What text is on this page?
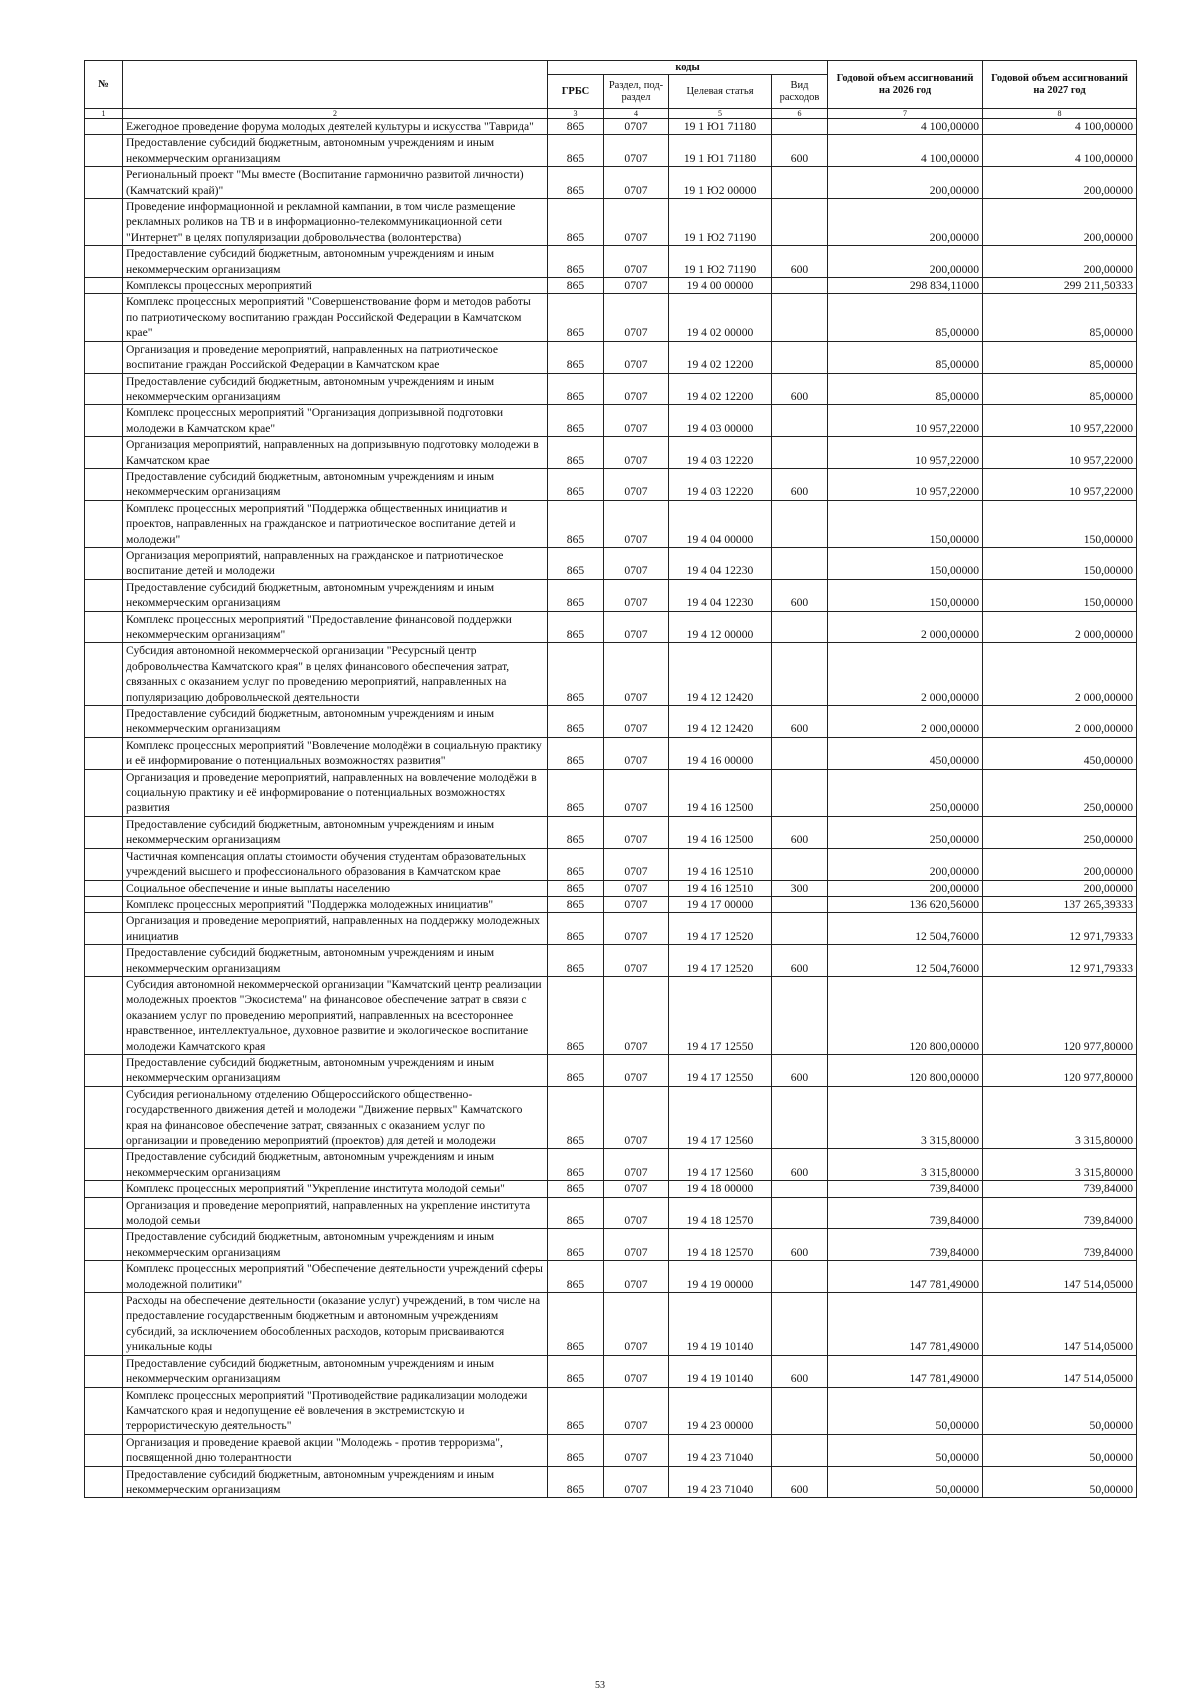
№		коды				Годовой объем ассигнований на 2026 год	Годовой объем ассигнований на 2027 год
		ГРБС	Раздел, под-раздел	Целевая статья	Вид расходов		
1	2	3	4	5	6	7	8
	Ежегодное проведение форума молодых деятелей культуры и искусства "Таврида"	865	0707	19 1 Ю1 71180		4 100,00000	4 100,00000
	Предоставление субсидий бюджетным, автономным учреждениям и иным некоммерческим организациям	865	0707	19 1 Ю1 71180	600	4 100,00000	4 100,00000
	Региональный проект "Мы вместе (Воспитание гармонично развитой личности) (Камчатский край)"	865	0707	19 1 Ю2 00000		200,00000	200,00000
	Проведение информационной и рекламной кампании, в том числе размещение рекламных роликов на ТВ и в информационно-телекоммуникационной сети "Интернет" в целях популяризации добровольчества (волонтерства)	865	0707	19 1 Ю2 71190		200,00000	200,00000
	Предоставление субсидий бюджетным, автономным учреждениям и иным некоммерческим организациям	865	0707	19 1 Ю2 71190	600	200,00000	200,00000
	Комплексы процессных мероприятий	865	0707	19 4 00 00000		298 834,11000	299 211,50333
	Комплекс процессных мероприятий "Совершенствование форм и методов работы по патриотическому воспитанию граждан Российской Федерации в Камчатском крае"	865	0707	19 4 02 00000		85,00000	85,00000
	Организация и проведение мероприятий, направленных на патриотическое воспитание граждан Российской Федерации в Камчатском крае	865	0707	19 4 02 12200		85,00000	85,00000
	Предоставление субсидий бюджетным, автономным учреждениям и иным некоммерческим организациям	865	0707	19 4 02 12200	600	85,00000	85,00000
	Комплекс процессных мероприятий "Организация допризывной подготовки молодежи в Камчатском крае"	865	0707	19 4 03 00000		10 957,22000	10 957,22000
	Организация мероприятий, направленных на допризывную подготовку молодежи в Камчатском крае	865	0707	19 4 03 12220		10 957,22000	10 957,22000
	Предоставление субсидий бюджетным, автономным учреждениям и иным некоммерческим организациям	865	0707	19 4 03 12220	600	10 957,22000	10 957,22000
	Комплекс процессных мероприятий "Поддержка общественных инициатив и проектов, направленных на гражданское и патриотическое воспитание детей и молодежи"	865	0707	19 4 04 00000		150,00000	150,00000
	Организация мероприятий, направленных на гражданское и патриотическое воспитание детей и молодежи	865	0707	19 4 04 12230		150,00000	150,00000
	Предоставление субсидий бюджетным, автономным учреждениям и иным некоммерческим организациям	865	0707	19 4 04 12230	600	150,00000	150,00000
	Комплекс процессных мероприятий "Предоставление финансовой поддержки некоммерческим организациям"	865	0707	19 4 12 00000		2 000,00000	2 000,00000
	Субсидия автономной некоммерческой организации "Ресурсный центр добровольчества Камчатского края" в целях финансового обеспечения затрат, связанных с оказанием услуг по проведению мероприятий, направленных на популяризацию добровольческой деятельности	865	0707	19 4 12 12420		2 000,00000	2 000,00000
	Предоставление субсидий бюджетным, автономным учреждениям и иным некоммерческим организациям	865	0707	19 4 12 12420	600	2 000,00000	2 000,00000
	Комплекс процессных мероприятий "Вовлечение молодёжи в социальную практику и её информирование о потенциальных возможностях развития"	865	0707	19 4 16 00000		450,00000	450,00000
	Организация и проведение мероприятий, направленных на вовлечение молодёжи в социальную практику и её информирование о потенциальных возможностях развития	865	0707	19 4 16 12500		250,00000	250,00000
	Предоставление субсидий бюджетным, автономным учреждениям и иным некоммерческим организациям	865	0707	19 4 16 12500	600	250,00000	250,00000
	Частичная компенсация оплаты стоимости обучения студентам образовательных учреждений высшего и профессионального образования в Камчатском крае	865	0707	19 4 16 12510		200,00000	200,00000
	Социальное обеспечение и иные выплаты населению	865	0707	19 4 16 12510	300	200,00000	200,00000
	Комплекс процессных мероприятий "Поддержка молодежных инициатив"	865	0707	19 4 17 00000		136 620,56000	137 265,39333
	Организация и проведение мероприятий, направленных на поддержку молодежных инициатив	865	0707	19 4 17 12520		12 504,76000	12 971,79333
	Предоставление субсидий бюджетным, автономным учреждениям и иным некоммерческим организациям	865	0707	19 4 17 12520	600	12 504,76000	12 971,79333
	Субсидия автономной некоммерческой организации "Камчатский центр реализации молодежных проектов "Экосистема" на финансовое обеспечение затрат в связи с оказанием услуг по проведению мероприятий, направленных на всестороннее нравственное, интеллектуальное, духовное развитие и экологическое воспитание молодежи Камчатского края	865	0707	19 4 17 12550		120 800,00000	120 977,80000
	Предоставление субсидий бюджетным, автономным учреждениям и иным некоммерческим организациям	865	0707	19 4 17 12550	600	120 800,00000	120 977,80000
	Субсидия региональному отделению Общероссийского общественно-государственного движения детей и молодежи "Движение первых" Камчатского края на финансовое обеспечение затрат, связанных с оказанием услуг по организации и проведению мероприятий (проектов) для детей и молодежи	865	0707	19 4 17 12560		3 315,80000	3 315,80000
	Предоставление субсидий бюджетным, автономным учреждениям и иным некоммерческим организациям	865	0707	19 4 17 12560	600	3 315,80000	3 315,80000
	Комплекс процессных мероприятий "Укрепление института молодой семьи"	865	0707	19 4 18 00000		739,84000	739,84000
	Организация и проведение мероприятий, направленных на укрепление института молодой семьи	865	0707	19 4 18 12570		739,84000	739,84000
	Предоставление субсидий бюджетным, автономным учреждениям и иным некоммерческим организациям	865	0707	19 4 18 12570	600	739,84000	739,84000
	Комплекс процессных мероприятий "Обеспечение деятельности учреждений сферы молодежной политики"	865	0707	19 4 19 00000		147 781,49000	147 514,05000
	Расходы на обеспечение деятельности (оказание услуг) учреждений, в том числе на предоставление государственным бюджетным и автономным учреждениям субсидий, за исключением обособленных расходов, которым присваиваются уникальные коды	865	0707	19 4 19 10140		147 781,49000	147 514,05000
	Предоставление субсидий бюджетным, автономным учреждениям и иным некоммерческим организациям	865	0707	19 4 19 10140	600	147 781,49000	147 514,05000
	Комплекс процессных мероприятий "Противодействие радикализации молодежи Камчатского края и недопущение её вовлечения в экстремистскую и террористическую деятельность"	865	0707	19 4 23 00000		50,00000	50,00000
	Организация и проведение краевой акции "Молодежь - против терроризма", посвященной дню толерантности	865	0707	19 4 23 71040		50,00000	50,00000
	Предоставление субсидий бюджетным, автономным учреждениям и иным некоммерческим организациям	865	0707	19 4 23 71040	600	50,00000	50,00000
53
